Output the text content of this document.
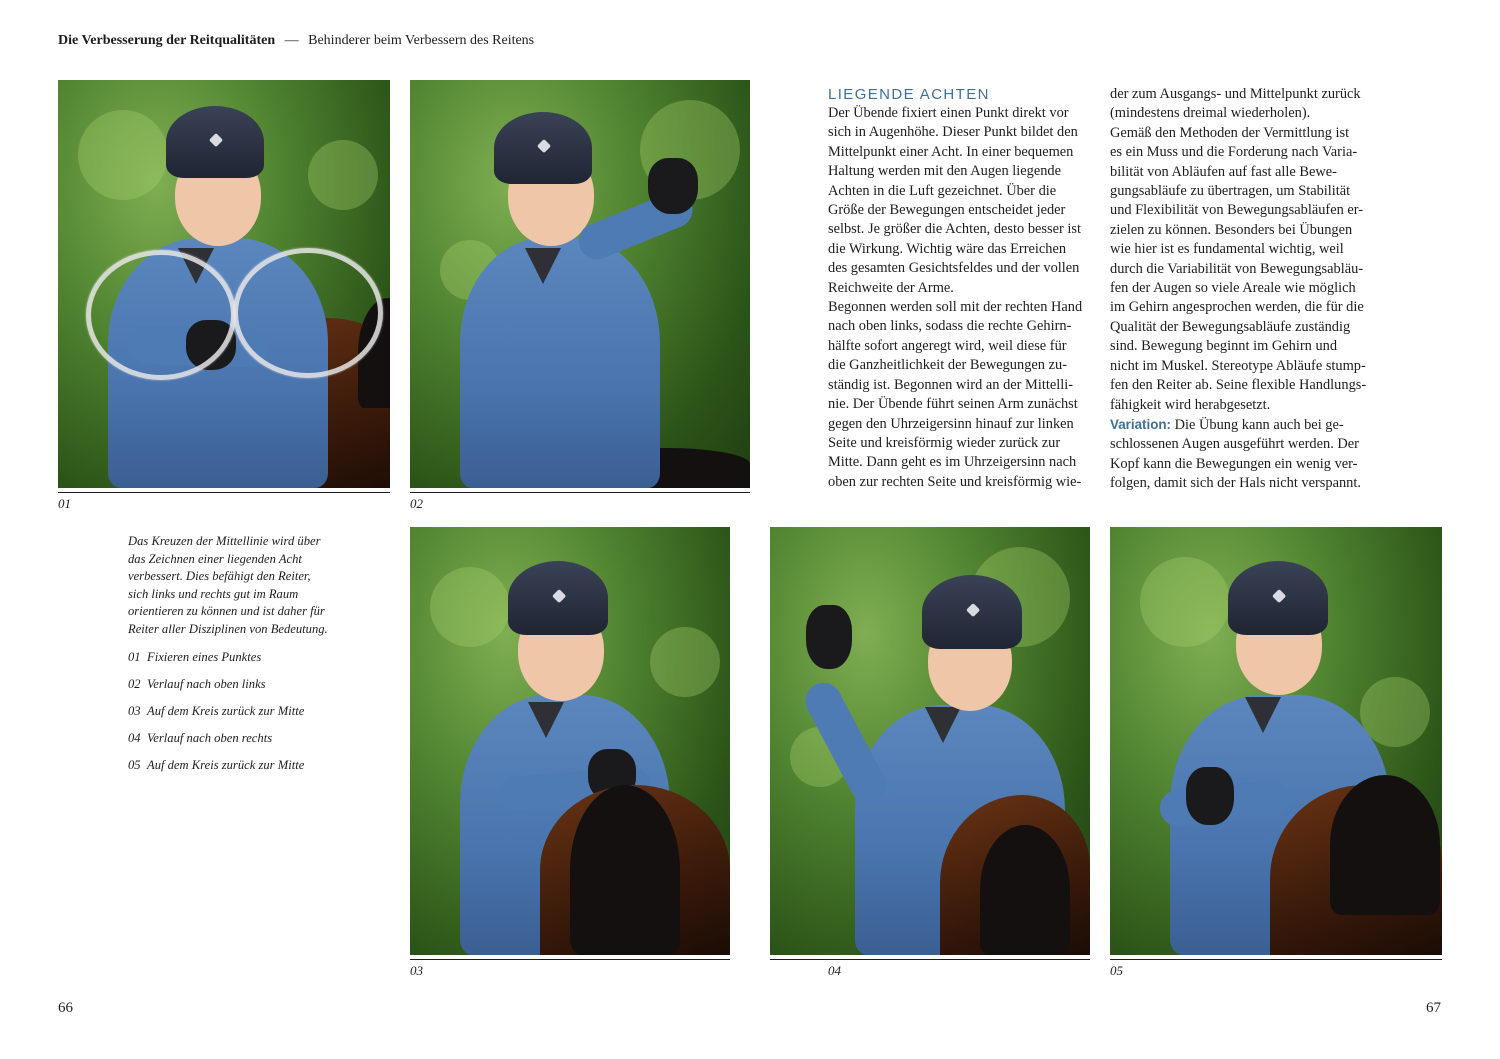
Die Verbesserung der Reitqualitäten — Behinderer beim Verbessern des Reitens
01	02
LIEGENDE ACHTEN
Der Übende fixiert einen Punkt direkt vor
sich in Augenhöhe. Dieser Punkt bildet den
Mittelpunkt einer Acht. In einer bequemen
Haltung werden mit den Augen liegende
Achten in die Luft gezeichnet. Über die
Größe der Bewegungen entscheidet jeder
selbst. Je größer die Achten, desto besser ist
die Wirkung. Wichtig wäre das Erreichen
des gesamten Gesichtsfeldes und der vollen
Reichweite der Arme.
Begonnen werden soll mit der rechten Hand
nach oben links, sodass die rechte Gehirn-
hälfte sofort angeregt wird, weil diese für
die Ganzheitlichkeit der Bewegungen zu-
ständig ist. Begonnen wird an der Mittelli-
nie. Der Übende führt seinen Arm zunächst
gegen den Uhrzeigersinn hinauf zur linken
Seite und kreisförmig wieder zurück zur
Mitte. Dann geht es im Uhrzeigersinn nach
oben zur rechten Seite und kreisförmig wie-
der zum Ausgangs- und Mittelpunkt zurück
(mindestens dreimal wiederholen).
Gemäß den Methoden der Vermittlung ist
es ein Muss und die Forderung nach Varia-
bilität von Abläufen auf fast alle Bewe-
gungsabläufe zu übertragen, um Stabilität
und Flexibilität von Bewegungsabläufen er-
zielen zu können. Besonders bei Übungen
wie hier ist es fundamental wichtig, weil
durch die Variabilität von Bewegungsabläu-
fen der Augen so viele Areale wie möglich
im Gehirn angesprochen werden, die für die
Qualität der Bewegungsabläufe zuständig
sind. Bewegung beginnt im Gehirn und
nicht im Muskel. Stereotype Abläufe stump-
fen den Reiter ab. Seine flexible Handlungs-
fähigkeit wird herabgesetzt.
Variation: Die Übung kann auch bei ge-
schlossenen Augen ausgeführt werden. Der
Kopf kann die Bewegungen ein wenig ver-
folgen, damit sich der Hals nicht verspannt.

Das Kreuzen der Mittellinie wird über das Zeichnen einer liegenden Acht verbessert. Dies befähigt den Reiter, sich links und rechts gut im Raum orientieren zu können und ist daher für Reiter aller Disziplinen von Bedeutung.

01 Fixieren eines Punktes
02 Verlauf nach oben links
03 Auf dem Kreis zurück zur Mitte
04 Verlauf nach oben rechts
05 Auf dem Kreis zurück zur Mitte
03	04	05
66	67
